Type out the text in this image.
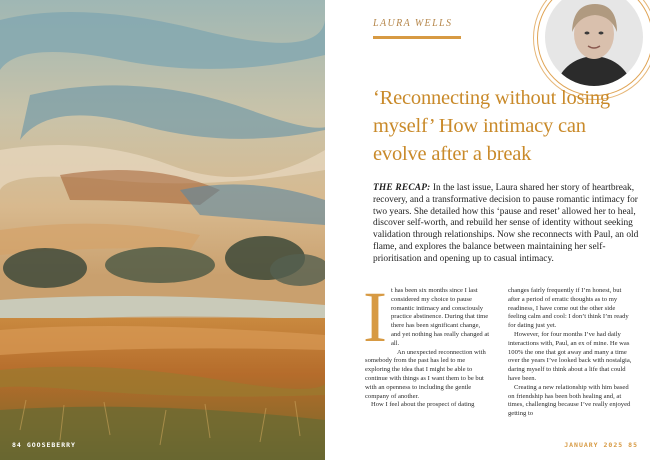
84 GOOSEBERRY
LAURA WELLS
‘Reconnecting without losing myself’ How intimacy can evolve after a break
THE RECAP: In the last issue, Laura shared her story of heartbreak, recovery, and a transformative decision to pause romantic intimacy for two years. She detailed how this ‘pause and reset’ allowed her to heal, discover self-worth, and rebuild her sense of identity without seeking validation through relationships. Now she reconnects with Paul, an old flame, and explores the balance between maintaining her self-prioritisation and opening up to casual intimacy.
I t has been six months since I last considered my choice to pause romantic intimacy and consciously practice abstinence. During that time there has been significant change, and yet nothing has really changed at all.

An unexpected reconnection with somebody from the past has led to me exploring the idea that I might be able to continue with things as I want them to be but with an openness to including the gentle company of another.

How I feel about the prospect of dating

changes fairly frequently if I’m honest, but after a period of erratic thoughts as to my readiness, I have come out the other side feeling calm and cool: I don’t think I’m ready for dating just yet.

However, for four months I’ve had daily interactions with, Paul, an ex of mine. He was 100% the one that got away and many a time over the years I’ve looked back with nostalgia, daring myself to think about a life that could have been.

Creating a new relationship with him based on friendship has been both healing and, at times, challenging because I’ve really enjoyed getting to

JANUARY 2025 85
